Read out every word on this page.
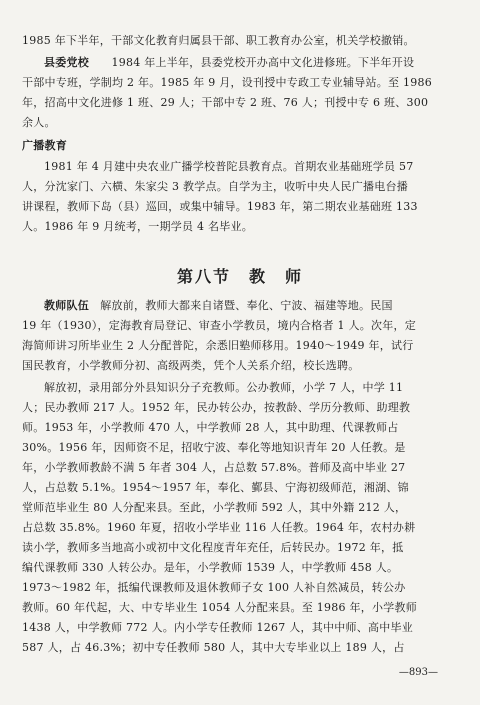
1985 年下半年，干部文化教育归属县干部、职工教育办公室，机关学校撤销。
县委党校　　 1984 年上半年，县委党校开办高中文化进修班。下半年开设
干部中专班，学制均 2 年。1985 年 9 月，设刊授中专政工专业辅导站。至 1986
年，招高中文化进修 1 班、29 人；干部中专 2 班、76 人；刊授中专 6 班、300
余人。
广播教育
1981 年 4 月建中央农业广播学校普陀县教育点。首期农业基础班学员 57
人，分沈家门、六横、朱家尖 3 教学点。自学为主，收听中央人民广播电台播
讲课程，教师下岛（县）巡回，或集中辅导。1983 年，第二期农业基础班 133
人。1986 年 9 月统考，一期学员 4 名毕业。
第八节　教　师
教师队伍　 解放前，教师大都来自诸暨、奉化、宁波、福建等地。民国
19 年（1930），定海教育局登记、审查小学教员，境内合格者 1 人。次年，定
海简师讲习所毕业生 2 人分配普陀，余悉旧塾师移用。1940～1949 年，试行
国民教育，小学教师分初、高级两类，凭个人关系介绍，校长选聘。
解放初，录用部分外县知识分子充教师。公办教师，小学 7 人，中学 11
人；民办教师 217 人。1952 年，民办转公办，按教龄、学历分教师、助理教
师。1953 年，小学教师 470 人，中学教师 28 人，其中助理、代课教师占
30%。1956 年，因师资不足，招收宁波、奉化等地知识青年 20 人任教。是
年，小学教师教龄不满 5 年者 304 人，占总数 57.8%。普师及高中毕业 27
人，占总数 5.1%。1954～1957 年，奉化、鄞县、宁海初级师范，湘湖、锦
堂师范毕业生 80 人分配来县。至此，小学教师 592 人，其中外籍 212 人，
占总数 35.8%。1960 年夏，招收小学毕业 116 人任教。1964 年，农村办耕
读小学，教师多当地高小或初中文化程度青年充任，后转民办。1972 年，抵
编代课教师 330 人转公办。是年，小学教师 1539 人，中学教师 458 人。
1973～1982 年，抵编代课教师及退休教师子女 100 人补自然减员，转公办
教师。60 年代起，大、中专毕业生 1054 人分配来县。至 1986 年，小学教师
1438 人，中学教师 772 人。内小学专任教师 1267 人，其中中师、高中毕业
587 人，占 46.3%；初中专任教师 580 人，其中大专毕业以上 189 人，占
—893—
